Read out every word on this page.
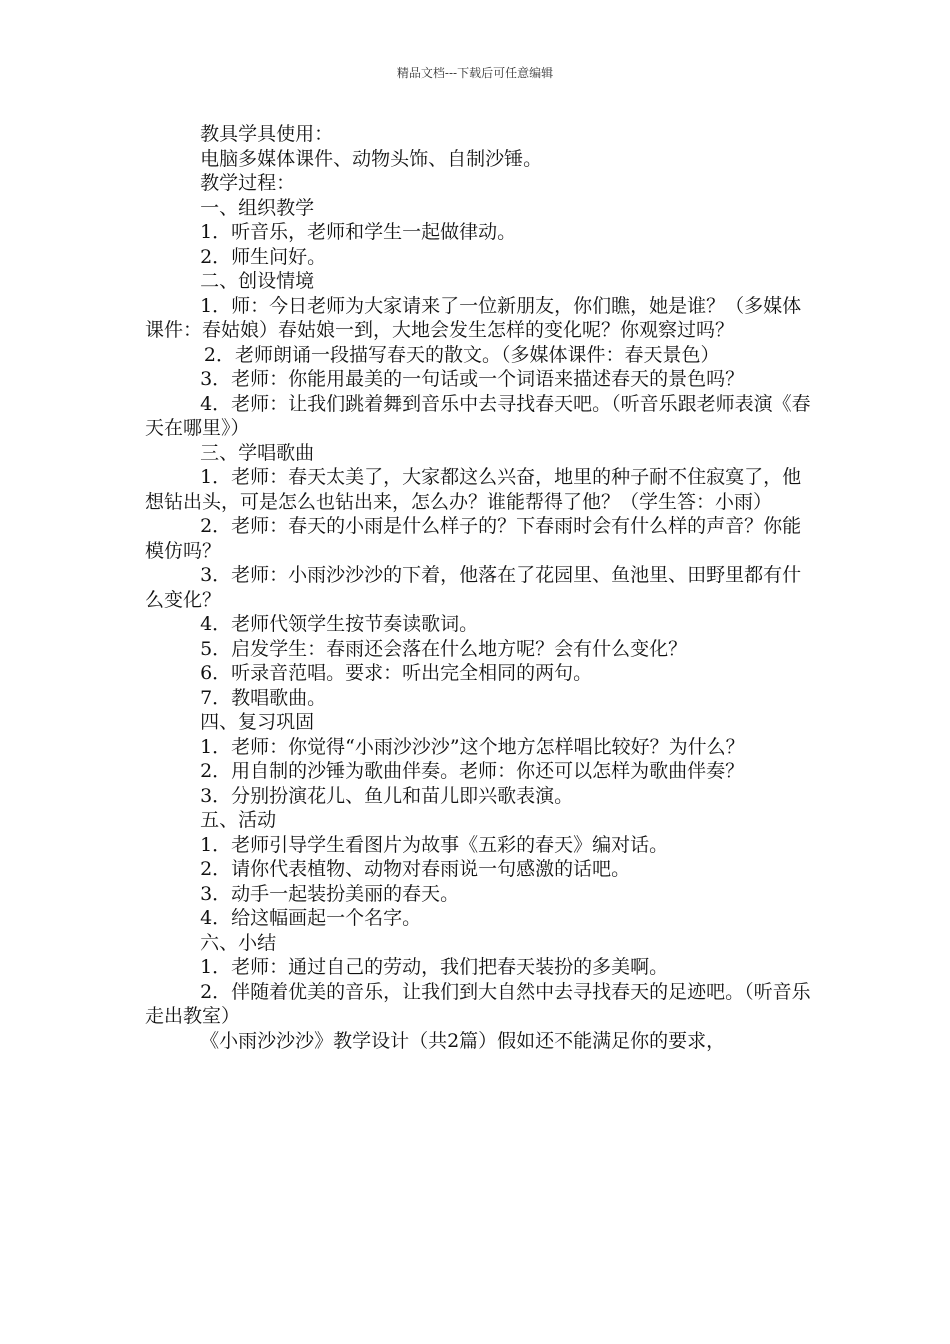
精品文档---下载后可任意编辑

教具学具使用：

电脑多媒体课件、动物头饰、自制沙锤。

教学过程：

一、组织教学

1．听音乐，老师和学生一起做律动。

2．师生问好。

二、创设情境

1．师：今日老师为大家请来了一位新朋友，你们瞧，她是谁？（多媒体课件：春姑娘）春姑娘一到，大地会发生怎样的变化呢？你观察过吗？

2．老师朗诵一段描写春天的散文。（多媒体课件：春天景色）

3．老师：你能用最美的一句话或一个词语来描述春天的景色吗？

4．老师：让我们跳着舞到音乐中去寻找春天吧。（听音乐跟老师表演《春天在哪里》）

三、学唱歌曲

1．老师：春天太美了，大家都这么兴奋，地里的种子耐不住寂寞了，他想钻出头，可是怎么也钻出来，怎么办？谁能帮得了他？（学生答：小雨）

2．老师：春天的小雨是什么样子的？下春雨时会有什么样的声音？你能模仿吗？

3．老师：小雨沙沙沙的下着，他落在了花园里、鱼池里、田野里都有什么变化？

4．老师代领学生按节奏读歌词。

5．启发学生：春雨还会落在什么地方呢？会有什么变化？

6．听录音范唱。要求：听出完全相同的两句。

7．教唱歌曲。

四、复习巩固

1．老师：你觉得“小雨沙沙沙”这个地方怎样唱比较好？为什么？

2．用自制的沙锤为歌曲伴奏。老师：你还可以怎样为歌曲伴奏？

3．分别扮演花儿、鱼儿和苗儿即兴歌表演。

五、活动

1．老师引导学生看图片为故事《五彩的春天》编对话。

2．请你代表植物、动物对春雨说一句感激的话吧。

3．动手一起装扮美丽的春天。

4．给这幅画起一个名字。

六、小结

1．老师：通过自己的劳动，我们把春天装扮的多美啊。

2．伴随着优美的音乐，让我们到大自然中去寻找春天的足迹吧。（听音乐走出教室）

《小雨沙沙沙》教学设计（共2篇）假如还不能满足你的要求，
